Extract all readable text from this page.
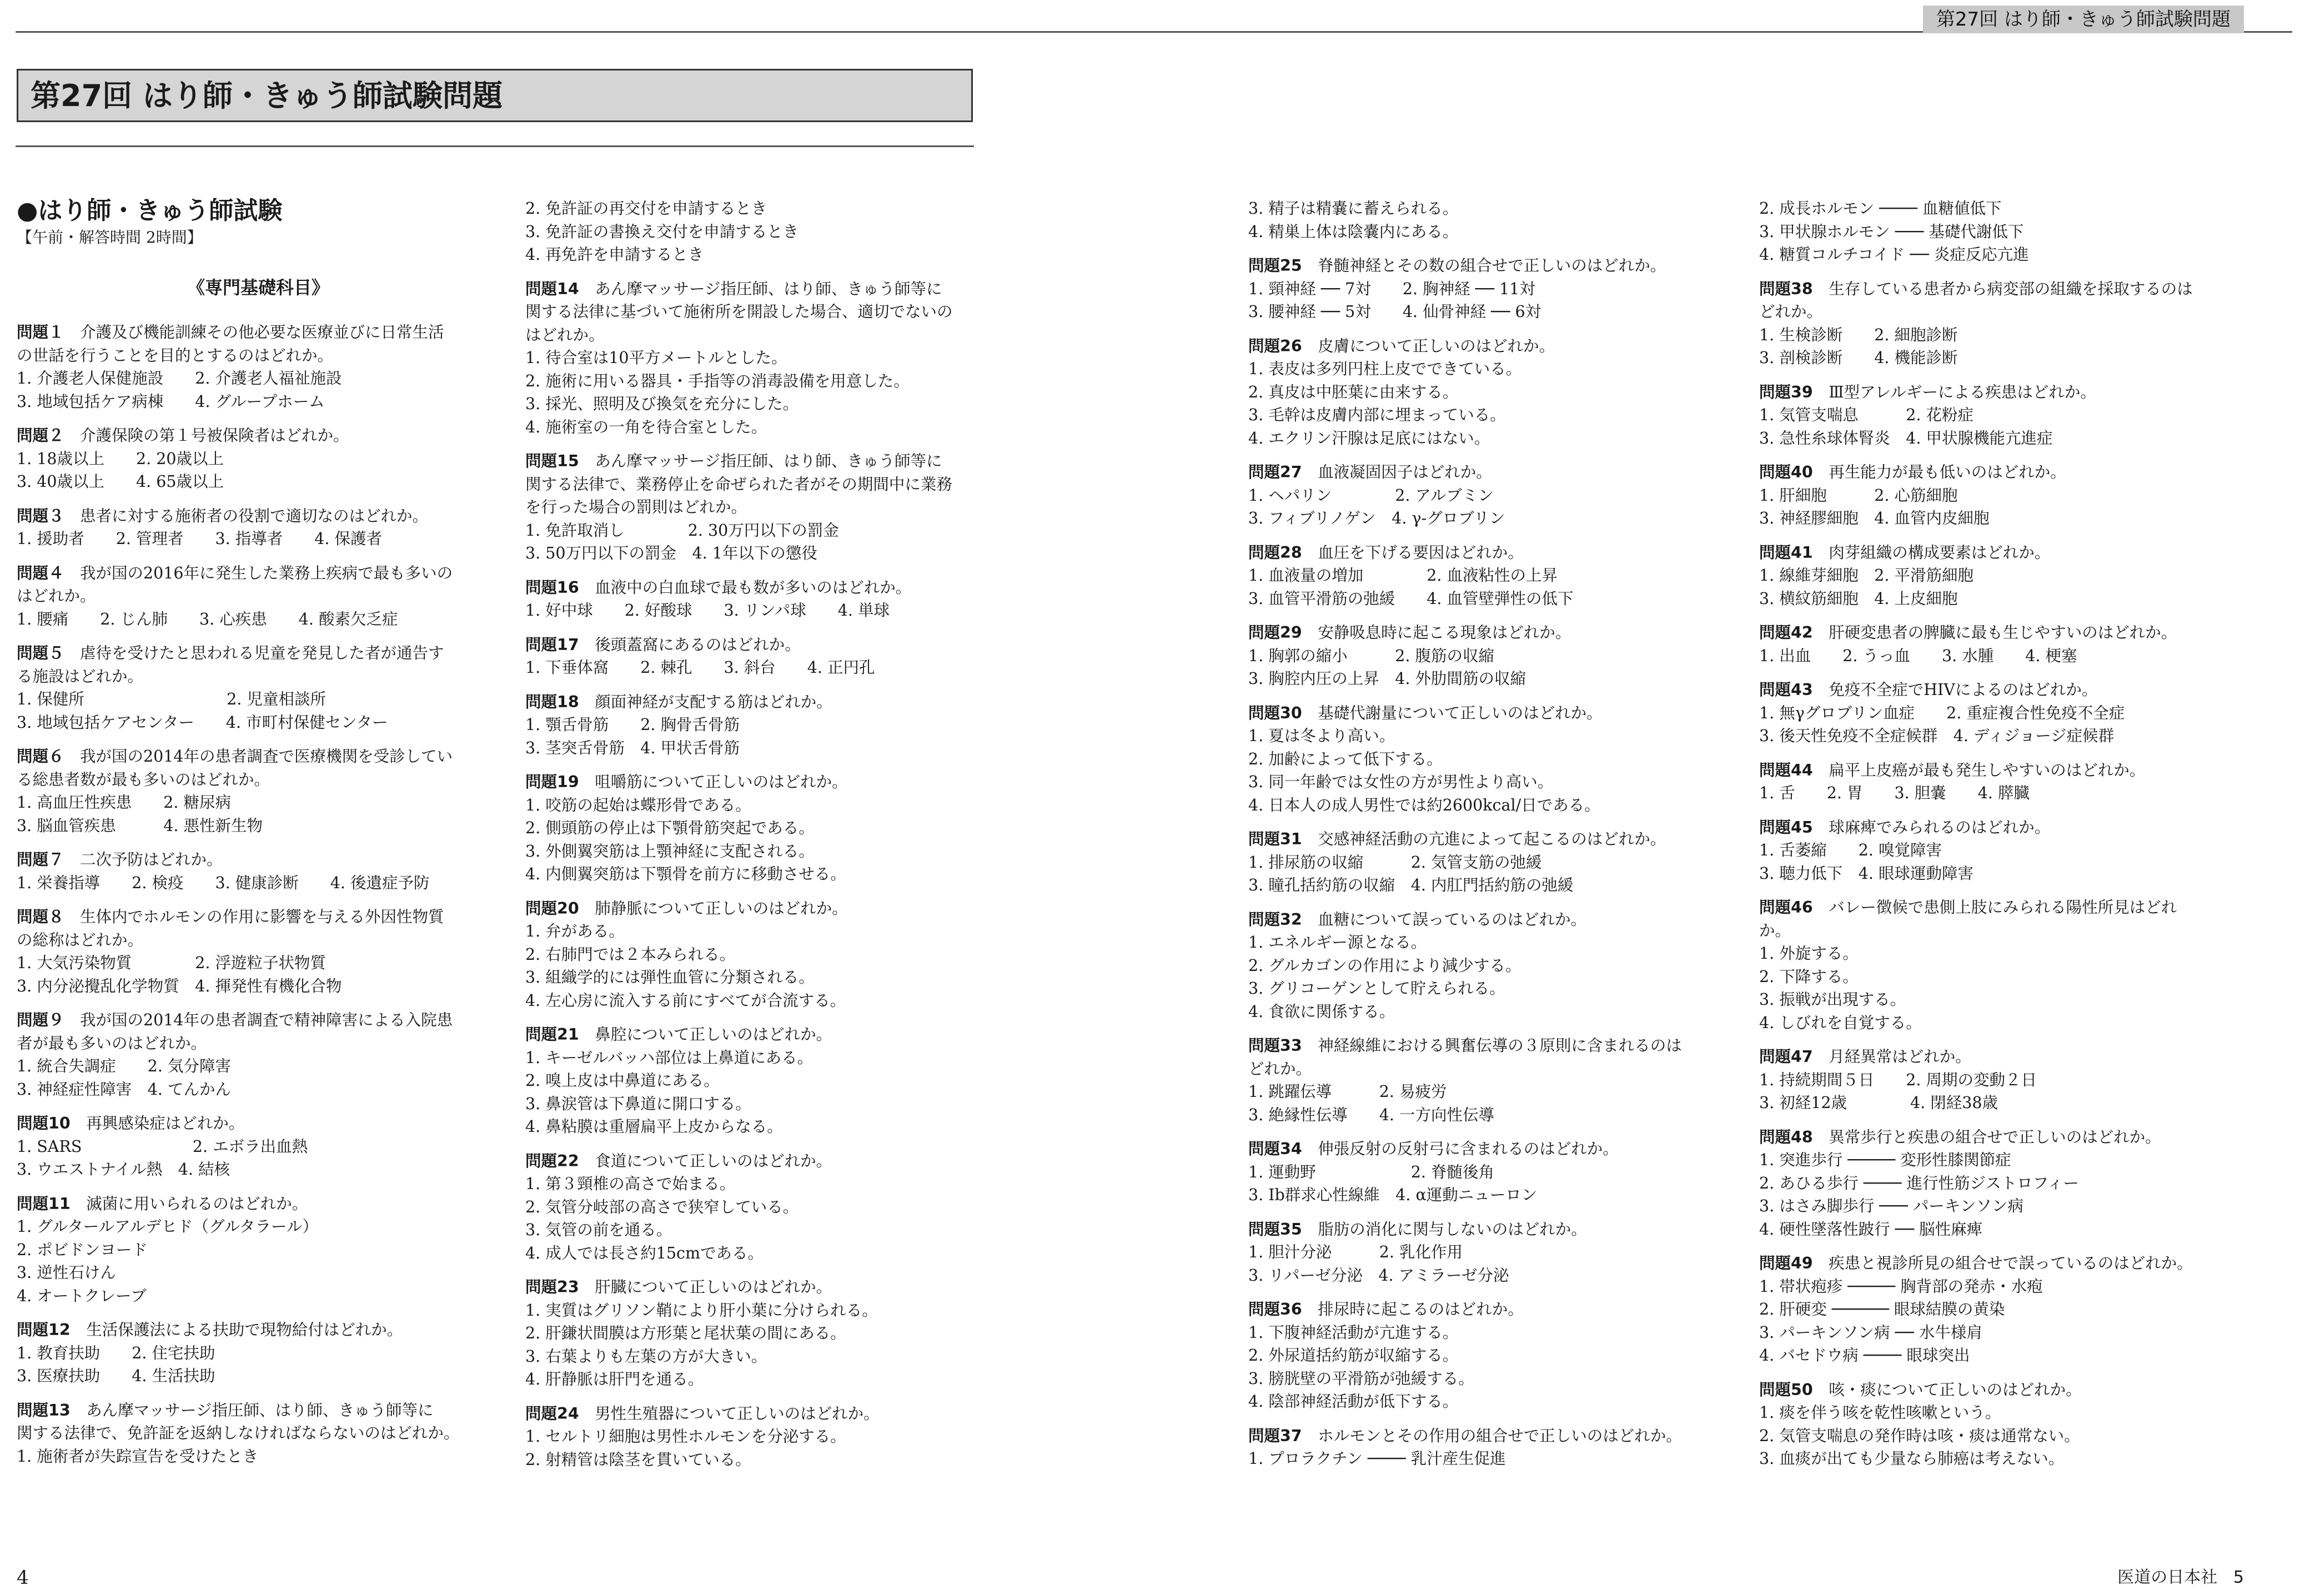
第27回 はり師・きゅう師試験問題
第27回 はり師・きゅう師試験問題
●はり師・きゅう師試験
【午前・解答時間 2時間】
《専門基礎科目》
問題１　 介護及び機能訓練その他必要な医療並びに日常生活
の世話を行うことを目的とするのはどれか。
1. 介護老人保健施設　　2. 介護老人福祉施設
3. 地域包括ケア病棟　　4. グループホーム
問題２　 介護保険の第１号被保険者はどれか。
1. 18歳以上　　2. 20歳以上
3. 40歳以上　　4. 65歳以上
問題３　 患者に対する施術者の役割で適切なのはどれか。
1. 援助者　　2. 管理者　　3. 指導者　　4. 保護者
問題４　 我が国の2016年に発生した業務上疾病で最も多いの
はどれか。
1. 腰痛　　2. じん肺　　3. 心疾患　　4. 酸素欠乏症
問題５　 虐待を受けたと思われる児童を発見した者が通告す
る施設はどれか。
1. 保健所　　　　　　　　　2. 児童相談所
3. 地域包括ケアセンター　　4. 市町村保健センター
問題６　 我が国の2014年の患者調査で医療機関を受診してい
る総患者数が最も多いのはどれか。
1. 高血圧性疾患　　2. 糖尿病
3. 脳血管疾患　　　4. 悪性新生物
問題７　 二次予防はどれか。
1. 栄養指導　　2. 検疫　　3. 健康診断　　4. 後遺症予防
問題８　 生体内でホルモンの作用に影響を与える外因性物質
の総称はどれか。
1. 大気汚染物質　　　　2. 浮遊粒子状物質
3. 内分泌攪乱化学物質　4. 揮発性有機化合物
問題９　 我が国の2014年の患者調査で精神障害による入院患
者が最も多いのはどれか。
1. 統合失調症　　2. 気分障害
3. 神経症性障害　4. てんかん
問題10　 再興感染症はどれか。
1. SARS　　　　　　　2. エボラ出血熱
3. ウエストナイル熱　4. 結核
問題11　 滅菌に用いられるのはどれか。
1. グルタールアルデヒド（グルタラール）
2. ポビドンヨード
3. 逆性石けん
4. オートクレーブ
問題12　 生活保護法による扶助で現物給付はどれか。
1. 教育扶助　　2. 住宅扶助
3. 医療扶助　　4. 生活扶助
問題13　 あん摩マッサージ指圧師、はり師、きゅう師等に
関する法律で、免許証を返納しなければならないのはどれか。
1. 施術者が失踪宣告を受けたとき
2. 免許証の再交付を申請するとき
3. 免許証の書換え交付を申請するとき
4. 再免許を申請するとき
問題14　 あん摩マッサージ指圧師、はり師、きゅう師等に
関する法律に基づいて施術所を開設した場合、適切でないの
はどれか。
1. 待合室は10平方メートルとした。
2. 施術に用いる器具・手指等の消毒設備を用意した。
3. 採光、照明及び換気を充分にした。
4. 施術室の一角を待合室とした。
問題15　 あん摩マッサージ指圧師、はり師、きゅう師等に
関する法律で、業務停止を命ぜられた者がその期間中に業務
を行った場合の罰則はどれか。
1. 免許取消し　　　　2. 30万円以下の罰金
3. 50万円以下の罰金　4. 1年以下の懲役
問題16　 血液中の白血球で最も数が多いのはどれか。
1. 好中球　　2. 好酸球　　3. リンパ球　　4. 単球
問題17　 後頭蓋窩にあるのはどれか。
1. 下垂体窩　　2. 棘孔　　3. 斜台　　4. 正円孔
問題18　 顔面神経が支配する筋はどれか。
1. 顎舌骨筋　　2. 胸骨舌骨筋
3. 茎突舌骨筋　4. 甲状舌骨筋
問題19　 咀嚼筋について正しいのはどれか。
1. 咬筋の起始は蝶形骨である。
2. 側頭筋の停止は下顎骨筋突起である。
3. 外側翼突筋は上顎神経に支配される。
4. 内側翼突筋は下顎骨を前方に移動させる。
問題20　 肺静脈について正しいのはどれか。
1. 弁がある。
2. 右肺門では２本みられる。
3. 組織学的には弾性血管に分類される。
4. 左心房に流入する前にすべてが合流する。
問題21　 鼻腔について正しいのはどれか。
1. キーゼルバッハ部位は上鼻道にある。
2. 嗅上皮は中鼻道にある。
3. 鼻涙管は下鼻道に開口する。
4. 鼻粘膜は重層扁平上皮からなる。
問題22　 食道について正しいのはどれか。
1. 第３頸椎の高さで始まる。
2. 気管分岐部の高さで狭窄している。
3. 気管の前を通る。
4. 成人では長さ約15cmである。
問題23　 肝臓について正しいのはどれか。
1. 実質はグリソン鞘により肝小葉に分けられる。
2. 肝鎌状間膜は方形葉と尾状葉の間にある。
3. 右葉よりも左葉の方が大きい。
4. 肝静脈は肝門を通る。
問題24　 男性生殖器について正しいのはどれか。
1. セルトリ細胞は男性ホルモンを分泌する。
2. 射精管は陰茎を貫いている。
3. 精子は精嚢に蓄えられる。
4. 精巣上体は陰嚢内にある。
問題25　 脊髄神経とその数の組合せで正しいのはどれか。
1. 頸神経 ── 7対　　2. 胸神経 ── 11対
3. 腰神経 ── 5対　　4. 仙骨神経 ── 6対
問題26　 皮膚について正しいのはどれか。
1. 表皮は多列円柱上皮でできている。
2. 真皮は中胚葉に由来する。
3. 毛幹は皮膚内部に埋まっている。
4. エクリン汗腺は足底にはない。
問題27　 血液凝固因子はどれか。
1. ヘパリン　　　　2. アルブミン
3. フィブリノゲン　4. γ-グロブリン
問題28　 血圧を下げる要因はどれか。
1. 血液量の増加　　　　2. 血液粘性の上昇
3. 血管平滑筋の弛緩　　4. 血管壁弾性の低下
問題29　 安静吸息時に起こる現象はどれか。
1. 胸郭の縮小　　　2. 腹筋の収縮
3. 胸腔内圧の上昇　4. 外肋間筋の収縮
問題30　 基礎代謝量について正しいのはどれか。
1. 夏は冬より高い。
2. 加齢によって低下する。
3. 同一年齢では女性の方が男性より高い。
4. 日本人の成人男性では約2600kcal/日である。
問題31　 交感神経活動の亢進によって起こるのはどれか。
1. 排尿筋の収縮　　　2. 気管支筋の弛緩
3. 瞳孔括約筋の収縮　4. 内肛門括約筋の弛緩
問題32　 血糖について誤っているのはどれか。
1. エネルギー源となる。
2. グルカゴンの作用により減少する。
3. グリコーゲンとして貯えられる。
4. 食欲に関係する。
問題33　 神経線維における興奮伝導の３原則に含まれるのは
どれか。
1. 跳躍伝導　　　2. 易疲労
3. 絶縁性伝導　　4. 一方向性伝導
問題34　 伸張反射の反射弓に含まれるのはどれか。
1. 運動野　　　　　　2. 脊髄後角
3. Ⅰb群求心性線維　4. α運動ニューロン
問題35　 脂肪の消化に関与しないのはどれか。
1. 胆汁分泌　　　2. 乳化作用
3. リパーゼ分泌　4. アミラーゼ分泌
問題36　 排尿時に起こるのはどれか。
1. 下腹神経活動が亢進する。
2. 外尿道括約筋が収縮する。
3. 膀胱壁の平滑筋が弛緩する。
4. 陰部神経活動が低下する。
問題37　 ホルモンとその作用の組合せで正しいのはどれか。
1. プロラクチン ──── 乳汁産生促進
2. 成長ホルモン ──── 血糖値低下
3. 甲状腺ホルモン ─── 基礎代謝低下
4. 糖質コルチコイド ── 炎症反応亢進
問題38　 生存している患者から病変部の組織を採取するのは
どれか。
1. 生検診断　　2. 細胞診断
3. 剖検診断　　4. 機能診断
問題39　 Ⅲ型アレルギーによる疾患はどれか。
1. 気管支喘息　　　2. 花粉症
3. 急性糸球体腎炎　4. 甲状腺機能亢進症
問題40　 再生能力が最も低いのはどれか。
1. 肝細胞　　　2. 心筋細胞
3. 神経膠細胞　4. 血管内皮細胞
問題41　 肉芽組織の構成要素はどれか。
1. 線維芽細胞　2. 平滑筋細胞
3. 横紋筋細胞　4. 上皮細胞
問題42　 肝硬変患者の脾臓に最も生じやすいのはどれか。
1. 出血　　2. うっ血　　3. 水腫　　4. 梗塞
問題43　 免疫不全症でHIVによるのはどれか。
1. 無γグロブリン血症　　2. 重症複合性免疫不全症
3. 後天性免疫不全症候群　4. ディジョージ症候群
問題44　 扁平上皮癌が最も発生しやすいのはどれか。
1. 舌　　2. 胃　　3. 胆嚢　　4. 膵臓
問題45　 球麻痺でみられるのはどれか。
1. 舌萎縮　　2. 嗅覚障害
3. 聴力低下　4. 眼球運動障害
問題46　 バレー徴候で患側上肢にみられる陽性所見はどれ
か。
1. 外旋する。
2. 下降する。
3. 振戦が出現する。
4. しびれを自覚する。
問題47　 月経異常はどれか。
1. 持続期間５日　　2. 周期の変動２日
3. 初経12歳　　　　4. 閉経38歳
問題48　 異常歩行と疾患の組合せで正しいのはどれか。
1. 突進歩行 ───── 変形性膝関節症
2. あひる歩行 ──── 進行性筋ジストロフィー
3. はさみ脚歩行 ─── パーキンソン病
4. 硬性墜落性跛行 ── 脳性麻痺
問題49　 疾患と視診所見の組合せで誤っているのはどれか。
1. 帯状疱疹 ───── 胸背部の発赤・水疱
2. 肝硬変 ────── 眼球結膜の黄染
3. パーキンソン病 ── 水牛様肩
4. バセドウ病 ──── 眼球突出
問題50　 咳・痰について正しいのはどれか。
1. 痰を伴う咳を乾性咳嗽という。
2. 気管支喘息の発作時は咳・痰は通常ない。
3. 血痰が出ても少量なら肺癌は考えない。
4	医道の日本社 5
